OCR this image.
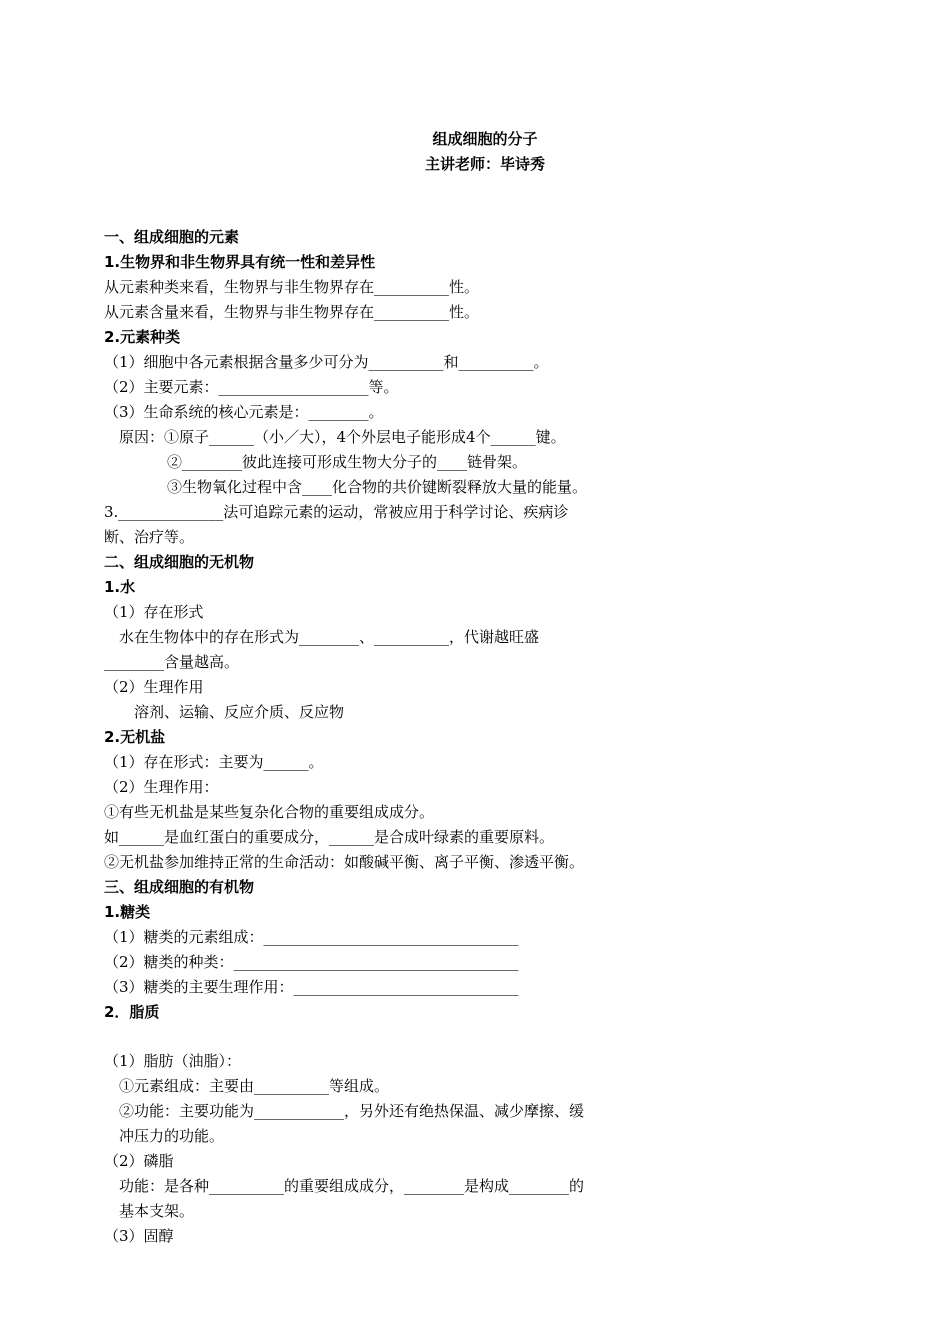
组成细胞的分子
主讲老师：毕诗秀
一、组成细胞的元素
1.生物界和非生物界具有统一性和差异性
从元素种类来看，生物界与非生物界存在__________性。
从元素含量来看，生物界与非生物界存在__________性。
2.元素种类
（1）细胞中各元素根据含量多少可分为__________和__________。
（2）主要元素：____________________等。
（3）生命系统的核心元素是：________。
原因：①原子______（小／大），4个外层电子能形成4个______键。
②________彼此连接可形成生物大分子的____链骨架。
③生物氧化过程中含____化合物的共价键断裂释放大量的能量。
3.______________法可追踪元素的运动，常被应用于科学讨论、疾病诊
断、治疗等。
二、组成细胞的无机物
1.水
（1）存在形式
水在生物体中的存在形式为________、__________，代谢越旺盛
________含量越高。
（2）生理作用
溶剂、运输、反应介质、反应物
2.无机盐
（1）存在形式：主要为______。
（2）生理作用：
①有些无机盐是某些复杂化合物的重要组成成分。
如______是血红蛋白的重要成分，______是合成叶绿素的重要原料。
②无机盐参加维持正常的生命活动：如酸碱平衡、离子平衡、渗透平衡。
三、组成细胞的有机物
1.糖类
（1）糖类的元素组成：__________________________________
（2）糖类的种类：______________________________________
（3）糖类的主要生理作用：______________________________
2．脂质
（1）脂肪（油脂）：
①元素组成：主要由__________等组成。
②功能：主要功能为____________，另外还有绝热保温、减少摩擦、缓
冲压力的功能。
（2）磷脂
功能：是各种__________的重要组成成分，________是构成________的
基本支架。
（3）固醇
